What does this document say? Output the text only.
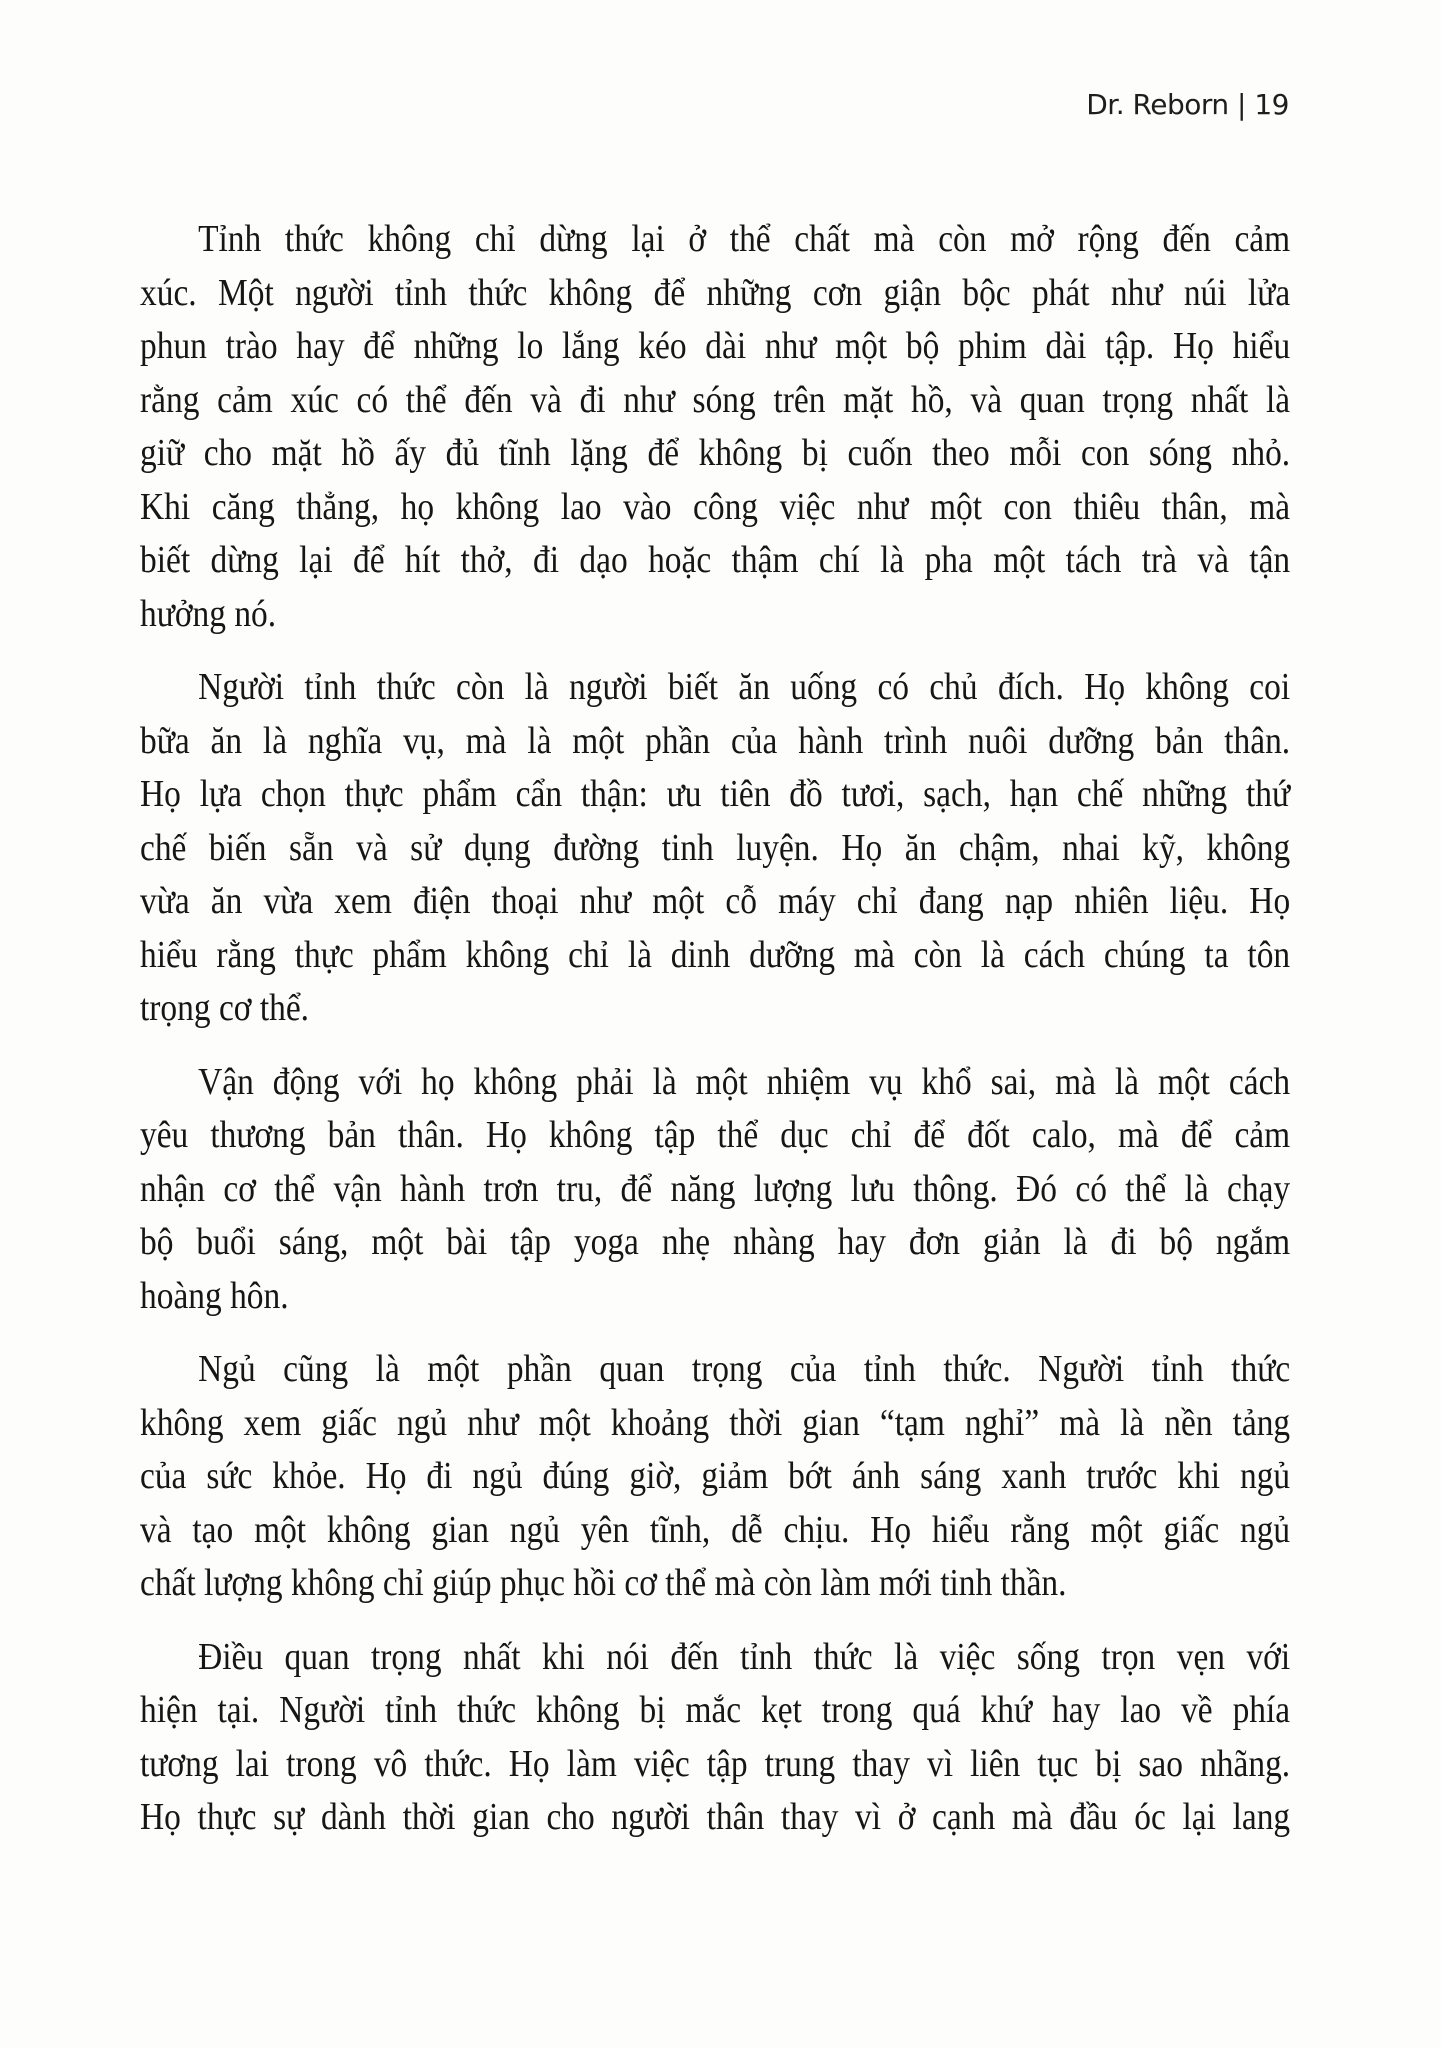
Dr. Reborn | 19
Tỉnh thức không chỉ dừng lại ở thể chất mà còn mở rộng đến cảm
xúc. Một người tỉnh thức không để những cơn giận bộc phát như núi lửa
phun trào hay để những lo lắng kéo dài như một bộ phim dài tập. Họ hiểu
rằng cảm xúc có thể đến và đi như sóng trên mặt hồ, và quan trọng nhất là
giữ cho mặt hồ ấy đủ tĩnh lặng để không bị cuốn theo mỗi con sóng nhỏ.
Khi căng thẳng, họ không lao vào công việc như một con thiêu thân, mà
biết dừng lại để hít thở, đi dạo hoặc thậm chí là pha một tách trà và tận
hưởng nó.
Người tỉnh thức còn là người biết ăn uống có chủ đích. Họ không coi
bữa ăn là nghĩa vụ, mà là một phần của hành trình nuôi dưỡng bản thân.
Họ lựa chọn thực phẩm cẩn thận: ưu tiên đồ tươi, sạch, hạn chế những thứ
chế biến sẵn và sử dụng đường tinh luyện. Họ ăn chậm, nhai kỹ, không
vừa ăn vừa xem điện thoại như một cỗ máy chỉ đang nạp nhiên liệu. Họ
hiểu rằng thực phẩm không chỉ là dinh dưỡng mà còn là cách chúng ta tôn
trọng cơ thể.
Vận động với họ không phải là một nhiệm vụ khổ sai, mà là một cách
yêu thương bản thân. Họ không tập thể dục chỉ để đốt calo, mà để cảm
nhận cơ thể vận hành trơn tru, để năng lượng lưu thông. Đó có thể là chạy
bộ buổi sáng, một bài tập yoga nhẹ nhàng hay đơn giản là đi bộ ngắm
hoàng hôn.
Ngủ cũng là một phần quan trọng của tỉnh thức. Người tỉnh thức
không xem giấc ngủ như một khoảng thời gian “tạm nghỉ” mà là nền tảng
của sức khỏe. Họ đi ngủ đúng giờ, giảm bớt ánh sáng xanh trước khi ngủ
và tạo một không gian ngủ yên tĩnh, dễ chịu. Họ hiểu rằng một giấc ngủ
chất lượng không chỉ giúp phục hồi cơ thể mà còn làm mới tinh thần.
Điều quan trọng nhất khi nói đến tỉnh thức là việc sống trọn vẹn với
hiện tại. Người tỉnh thức không bị mắc kẹt trong quá khứ hay lao về phía
tương lai trong vô thức. Họ làm việc tập trung thay vì liên tục bị sao nhãng.
Họ thực sự dành thời gian cho người thân thay vì ở cạnh mà đầu óc lại lang
